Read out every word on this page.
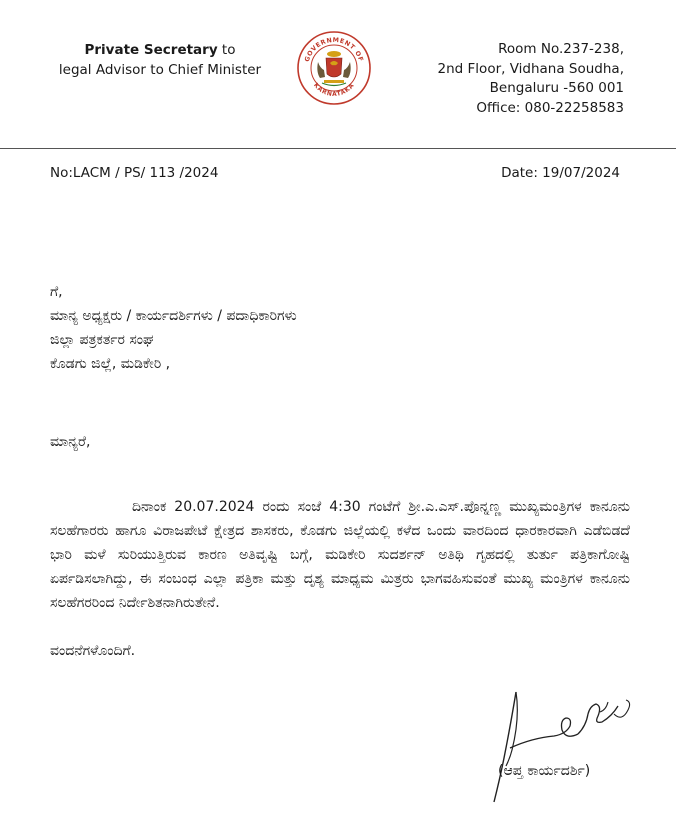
Private Secretary to
legal Advisor to Chief Minister
GOVERNMENT OF
KARNATAKA
Room No.237-238,
2nd Floor, Vidhana Soudha,
Bengaluru -560 001
Office: 080-22258583
No:LACM / PS/ 113 /2024	Date: 19/07/2024
ಗೆ,
ಮಾನ್ಯ ಅಧ್ಯಕ್ಷರು / ಕಾರ್ಯದರ್ಶಿಗಳು / ಪದಾಧಿಕಾರಿಗಳು
ಜಿಲ್ಲಾ ಪತ್ರಕರ್ತರ ಸಂಘ
ಕೊಡಗು ಜಿಲ್ಲೆ, ಮಡಿಕೇರಿ ,
ಮಾನ್ಯರೆ,
ದಿನಾಂಕ 20.07.2024 ರಂದು ಸಂಜೆ 4:30 ಗಂಟೆಗೆ ಶ್ರೀ.ಎ.ಎಸ್.ಪೊನ್ನಣ್ಣ ಮುಖ್ಯಮಂತ್ರಿಗಳ ಕಾನೂನು ಸಲಹೆಗಾರರು ಹಾಗೂ ವಿರಾಜಪೇಟೆ ಕ್ಷೇತ್ರದ ಶಾಸಕರು, ಕೊಡಗು ಜಿಲ್ಲೆಯಲ್ಲಿ ಕಳೆದ ಒಂದು ವಾರದಿಂದ ಧಾರಕಾರವಾಗಿ ಎಡೆಬಿಡದೆ ಭಾರಿ ಮಳೆ ಸುರಿಯುತ್ತಿರುವ ಕಾರಣ ಅತಿವೃಷ್ಟಿ ಬಗ್ಗೆ, ಮಡಿಕೇರಿ ಸುದರ್ಶನ್ ಅತಿಥಿ ಗೃಹದಲ್ಲಿ ತುರ್ತು ಪತ್ರಿಕಾಗೋಷ್ಟಿ ಏರ್ಪಡಿಸಲಾಗಿದ್ದು, ಈ ಸಂಬಂಧ ಎಲ್ಲಾ ಪತ್ರಿಕಾ ಮತ್ತು ದೃಶ್ಯ ಮಾಧ್ಯಮ ಮಿತ್ರರು ಭಾಗವಹಿಸುವಂತೆ ಮುಖ್ಯ ಮಂತ್ರಿಗಳ ಕಾನೂನು ಸಲಹೆಗರರಿಂದ ನಿರ್ದೇಶಿತನಾಗಿರುತೇನೆ.
ವಂದನೆಗಳೊಂದಿಗೆ.
(ಆಪ್ತ ಕಾರ್ಯದರ್ಶಿ)
